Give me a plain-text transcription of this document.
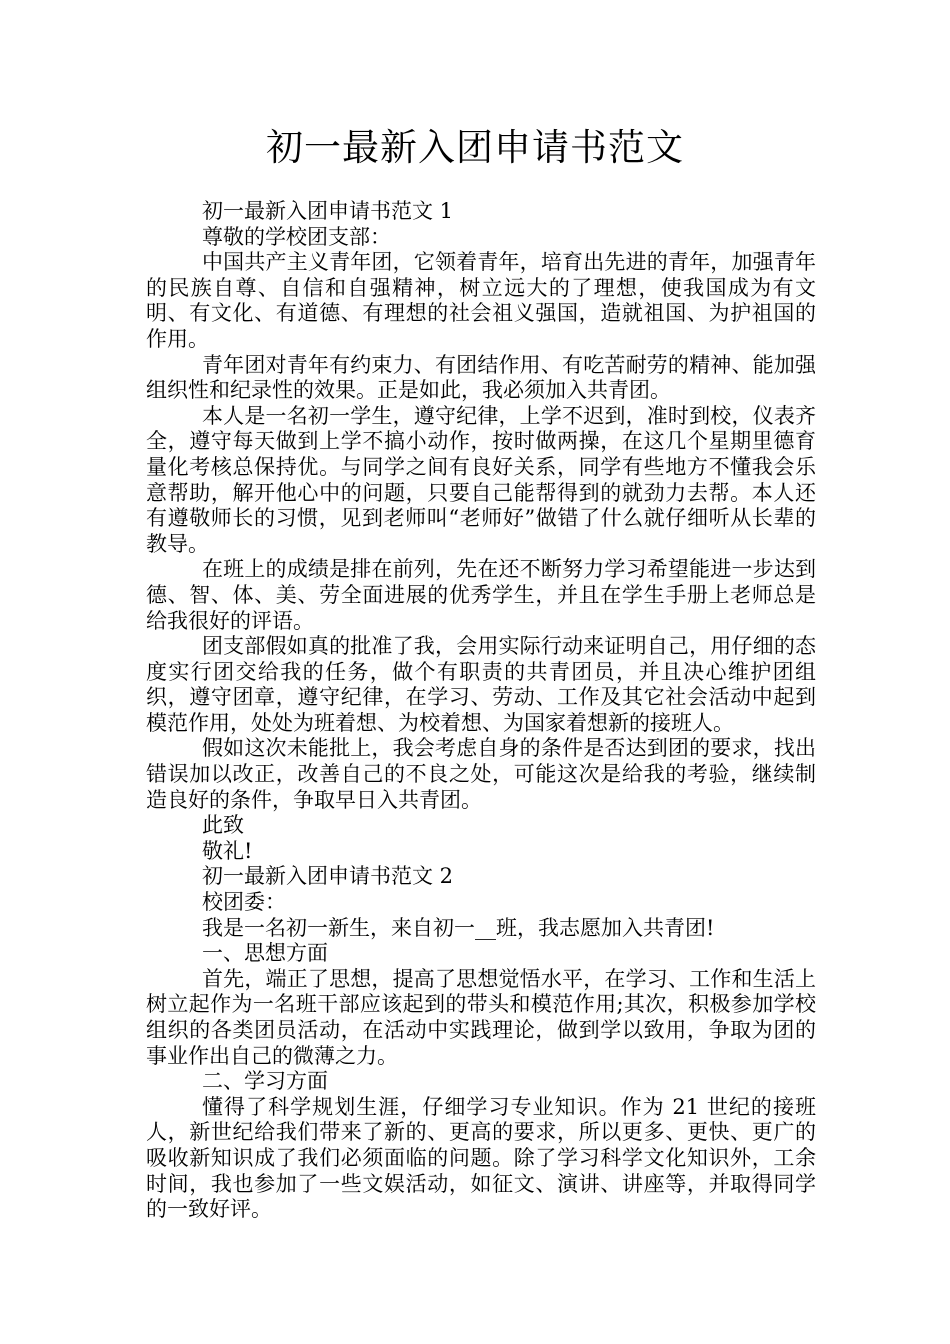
初一最新入团申请书范文

初一最新入团申请书范文 1

尊敬的学校团支部：

中国共产主义青年团，它领着青年，培育出先进的青年，加强青年的民族自尊、自信和自强精神，树立远大的了理想，使我国成为有文明、有文化、有道德、有理想的社会祖义强国，造就祖国、为护祖国的作用。

青年团对青年有约束力、有团结作用、有吃苦耐劳的精神、能加强组织性和纪录性的效果。正是如此，我必须加入共青团。

本人是一名初一学生，遵守纪律，上学不迟到，准时到校，仪表齐全，遵守每天做到上学不搞小动作，按时做两操，在这几个星期里德育量化考核总保持优。与同学之间有良好关系，同学有些地方不懂我会乐意帮助，解开他心中的问题，只要自己能帮得到的就劲力去帮。本人还有遵敬师长的习惯，见到老师叫“老师好”做错了什么就仔细听从长辈的教导。

在班上的成绩是排在前列，先在还不断努力学习希望能进一步达到德、智、体、美、劳全面进展的优秀学生，并且在学生手册上老师总是给我很好的评语。

团支部假如真的批准了我，会用实际行动来证明自己，用仔细的态度实行团交给我的任务，做个有职责的共青团员，并且决心维护团组织，遵守团章，遵守纪律，在学习、劳动、工作及其它社会活动中起到模范作用，处处为班着想、为校着想、为国家着想新的接班人。

假如这次未能批上，我会考虑自身的条件是否达到团的要求，找出错误加以改正，改善自己的不良之处，可能这次是给我的考验，继续制造良好的条件，争取早日入共青团。

此致

敬礼!

初一最新入团申请书范文 2

校团委：

我是一名初一新生，来自初一__班，我志愿加入共青团!

一、思想方面

首先，端正了思想，提高了思想觉悟水平，在学习、工作和生活上树立起作为一名班干部应该起到的带头和模范作用;其次，积极参加学校组织的各类团员活动，在活动中实践理论，做到学以致用，争取为团的事业作出自己的微薄之力。

二、学习方面

懂得了科学规划生涯，仔细学习专业知识。作为 21 世纪的接班人，新世纪给我们带来了新的、更高的要求，所以更多、更快、更广的吸收新知识成了我们必须面临的问题。除了学习科学文化知识外，工余时间，我也参加了一些文娱活动，如征文、演讲、讲座等，并取得同学的一致好评。
